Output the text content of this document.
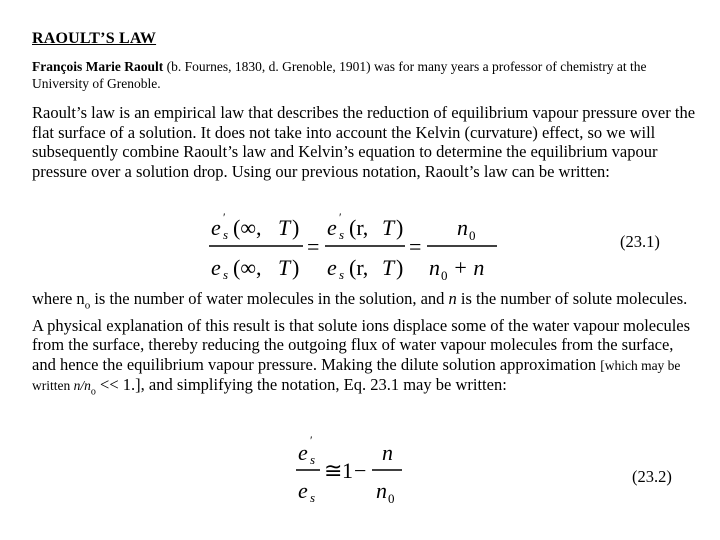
RAOULT’S LAW
François Marie Raoult (b. Fournes, 1830, d. Grenoble, 1901) was for many years a professor of chemistry at the University of Grenoble.
Raoult’s law is an empirical law that describes the reduction of equilibrium vapour pressure over the flat surface of a solution. It does not take into account the Kelvin (curvature) effect, so we will subsequently combine Raoult’s law and Kelvin’s equation to determine the equilibrium vapour pressure over a solution drop. Using our previous notation, Raoult’s law can be written:
e ′
s (∞, T )
e s (∞, T )
=
e ′
s (r, T )
e s (r, T )
=
n 0
n 0 + n
(23.1)
where $n_o$ is the number of water molecules in the solution, and n is the number of solute molecules. A physical explanation of this result is that solute ions displace some of the water vapour molecules from the surface, thereby reducing the outgoing flux of water vapour molecules from the surface, and hence the equilibrium vapour pressure. Making the dilute solution approximation [which may be written $n/n_o << 1$.], and simplifying the notation, Eq. 23.1 may be written:
e ′
s
e s
≅ 1 −
n
n 0
(23.2)
